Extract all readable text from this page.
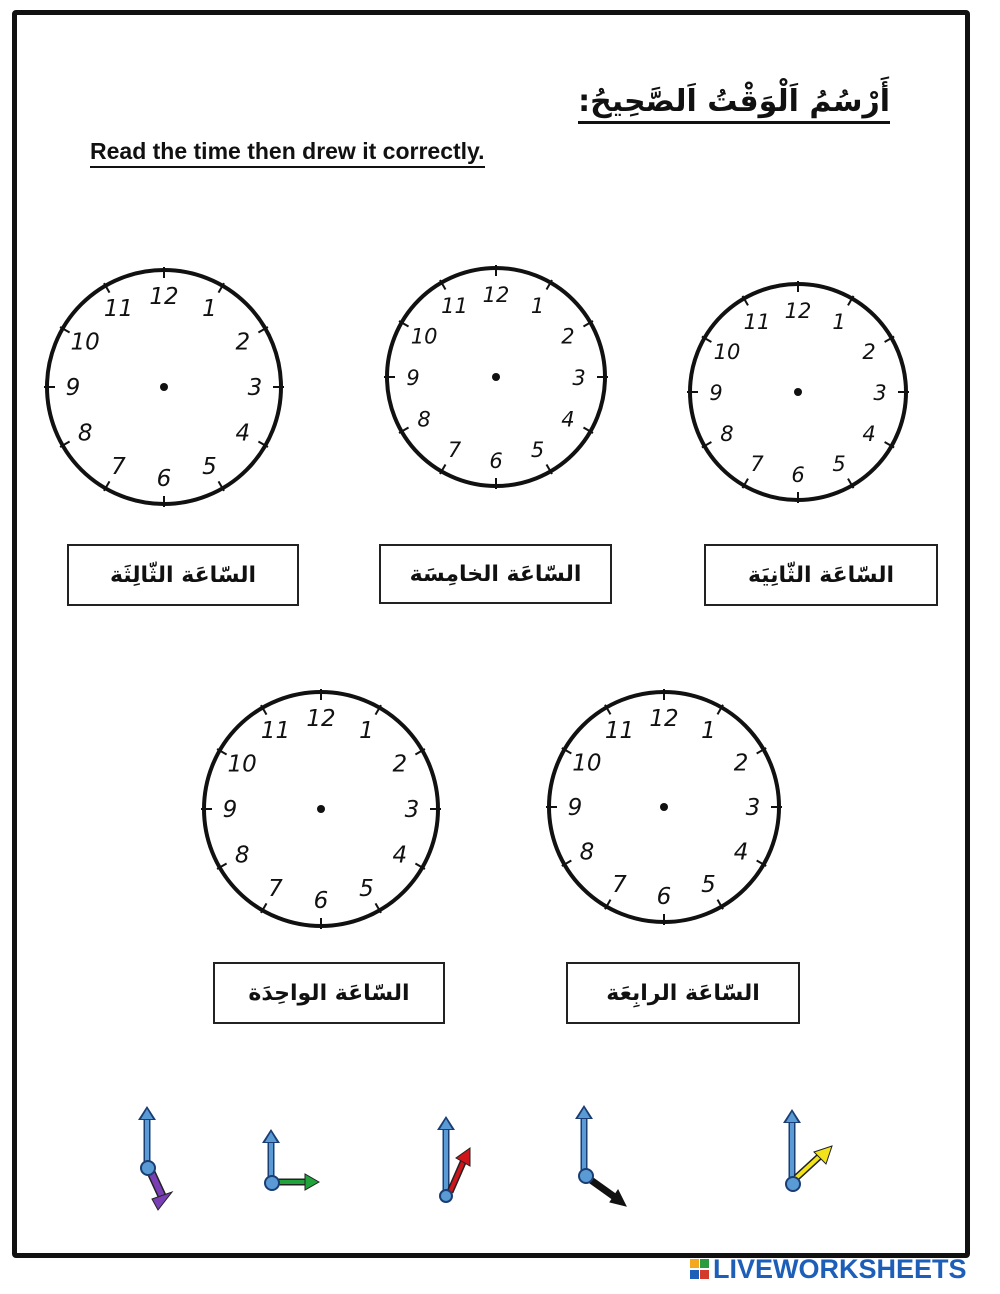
أَرْسُمُ اَلْوَقْتُ اَلصَّحِيحُ:
Read the time then drew it correctly.
12 1
2
3
4
5
6
7
8
9
10
11
12 1
2
3
4
5
6
7
8
9
10
11	12 1
2
3
4
5
6
7
8
9
10
11
12 1
2
3
4
5
6
7
8
9
10
11	12 1
2
3
4
5
6
7
8
9
10
11
السّاعَة الثّالِثَة	السّاعَة الخامِسَة	السّاعَة الثّانِيَة
السّاعَة الواحِدَة	السّاعَة الرابِعَة
LIVEWORKSHEETS
